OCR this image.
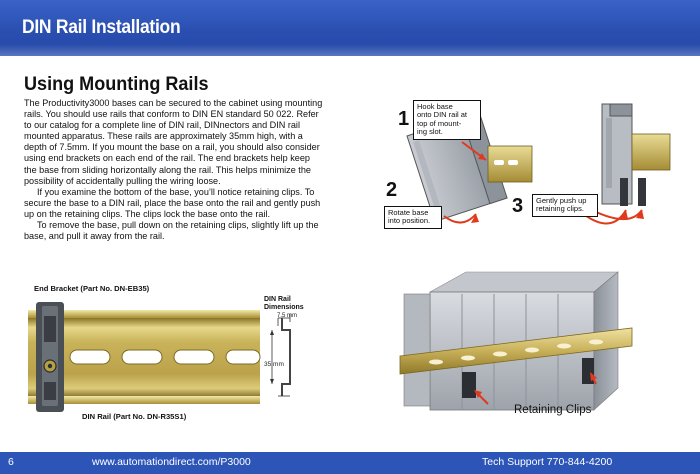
DIN Rail Installation
Using Mounting Rails

The Productivity3000 bases can be secured to the cabinet using mounting rails. You should use rails that conform to DIN EN standard 50 022. Refer to our catalog for a complete line of DIN rail, DINnectors and DIN rail mounted apparatus. These rails are approximately 35mm high, with a depth of 7.5mm. If you mount the base on a rail, you should also consider using end brackets on each end of the rail. The end brackets help keep the base from sliding horizontally along the rail. This helps minimize the possibility of accidentally pulling the wiring loose.

If you examine the bottom of the base, you’ll notice retaining clips. To secure the base to a DIN rail, place the base onto the rail and gently push up on the retaining clips. The clips lock the base onto the rail.

To remove the base, pull down on the retaining clips, slightly lift up the base, and pull it away from the rail.

End Bracket (Part No. DN-EB35)
DIN Rail (Part No. DN-R35S1)
DIN Rail
Dimensions
7.5 mm
35 mm
1
2
3
Hook base
onto DIN rail at
top of mount-
ing slot.
Rotate base
into position.
Gently push up
retaining clips.
Retaining Clips
6	www.automationdirect.com/P3000	Tech Support 770-844-4200
